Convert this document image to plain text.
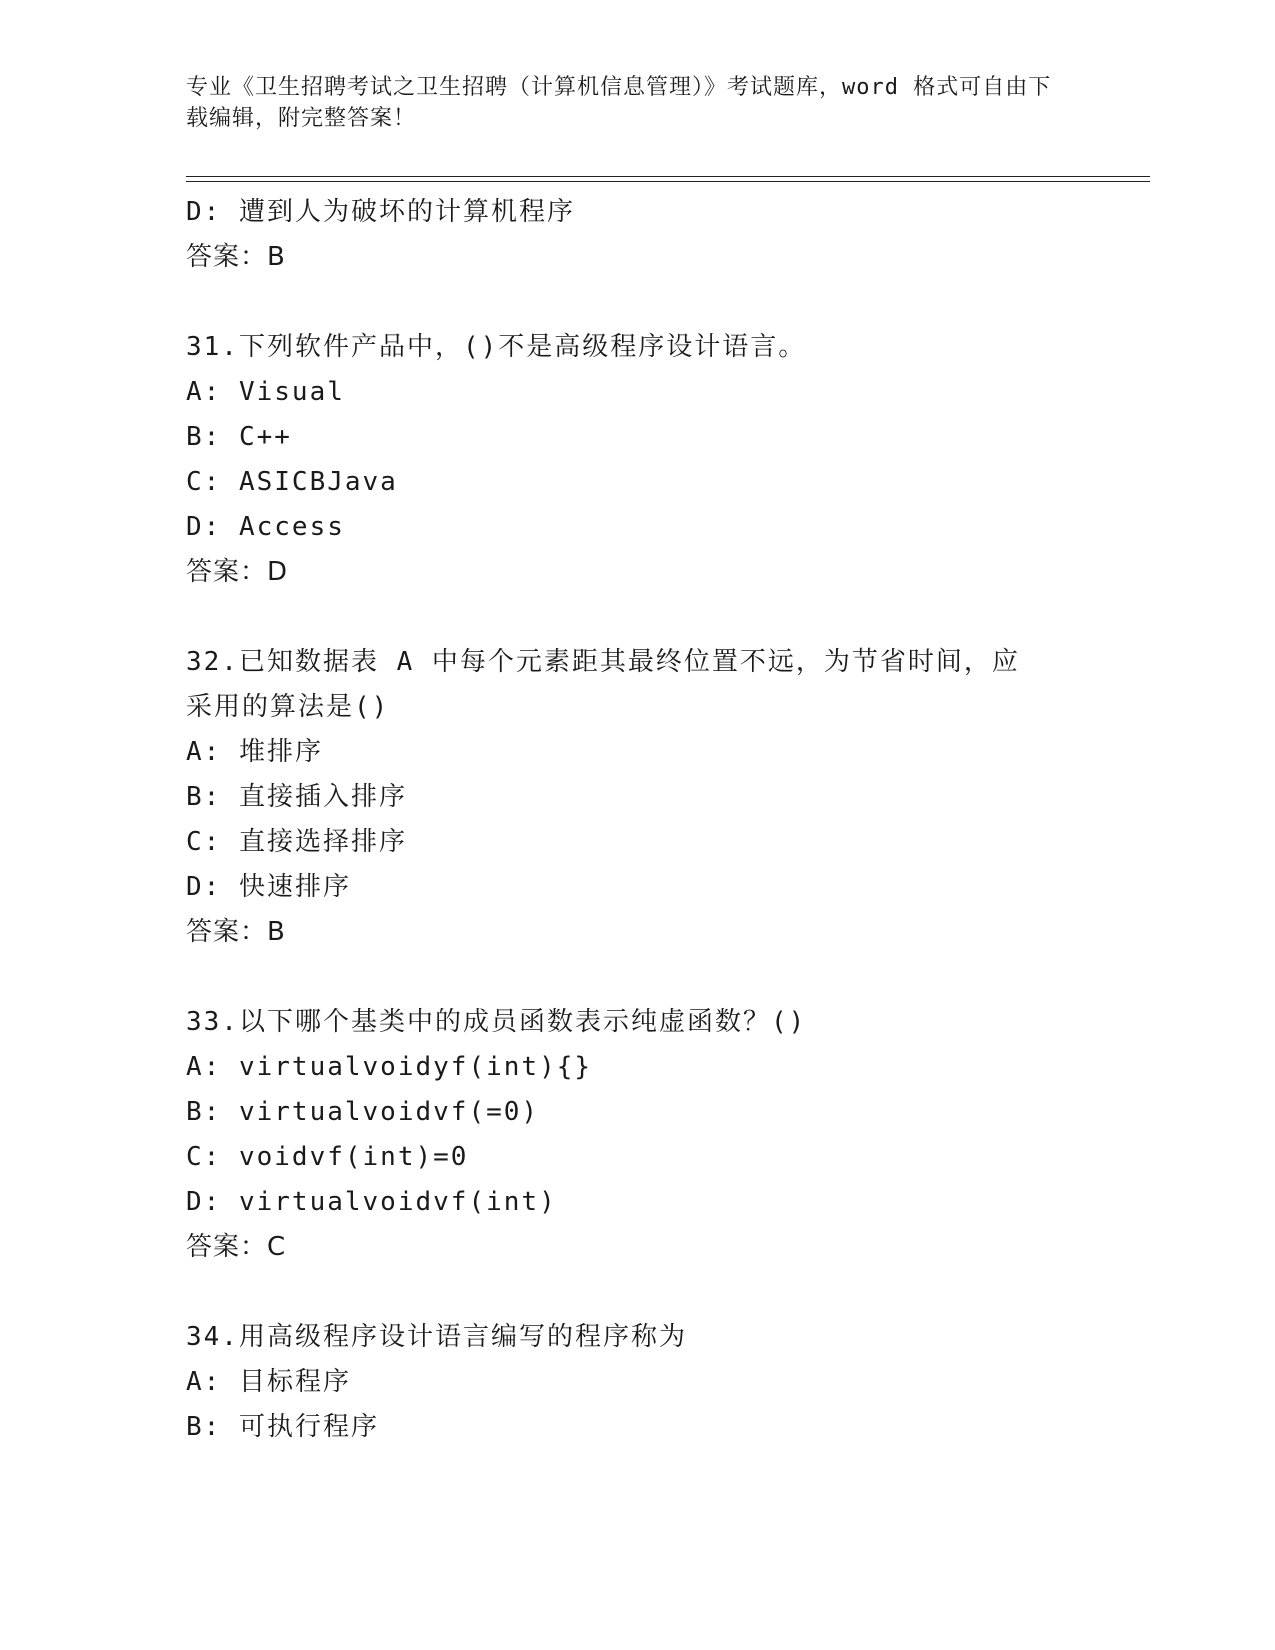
专业《卫生招聘考试之卫生招聘（计算机信息管理）》考试题库，word 格式可自由下载编辑，附完整答案！
D: 遭到人为破坏的计算机程序
答案：B
31.下列软件产品中，()不是高级程序设计语言。
A: Visual
B: C++
C: ASICBJava
D: Access
答案：D
32.已知数据表 A 中每个元素距其最终位置不远，为节省时间，应采用的算法是()
A: 堆排序
B: 直接插入排序
C: 直接选择排序
D: 快速排序
答案：B
33.以下哪个基类中的成员函数表示纯虚函数？()
A: virtualvoidyf(int){}
B: virtualvoidvf(=0)
C: voidvf(int)=0
D: virtualvoidvf(int)
答案：C
34.用高级程序设计语言编写的程序称为
A: 目标程序
B: 可执行程序
